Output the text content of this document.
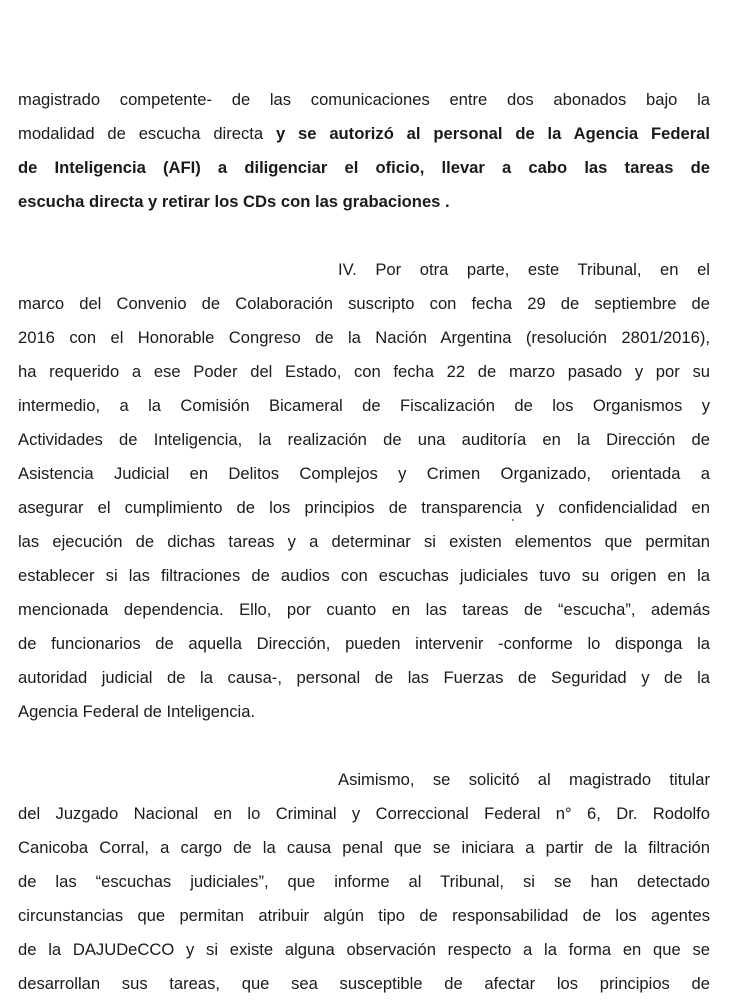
magistrado competente- de las comunicaciones entre dos abonados bajo la
modalidad de escucha directa y se autorizó al personal de la Agencia Federal
de Inteligencia (AFI) a diligenciar el oficio, llevar a cabo las tareas de
escucha directa y retirar los CDs con las grabaciones .
IV. Por otra parte, este Tribunal, en el
marco del Convenio de Colaboración suscripto con fecha 29 de septiembre de
2016 con el Honorable Congreso de la Nación Argentina (resolución 2801/2016),
ha requerido a ese Poder del Estado, con fecha 22 de marzo pasado y por su
intermedio, a la Comisión Bicameral de Fiscalización de los Organismos y
Actividades de Inteligencia, la realización de una auditoría en la Dirección de
Asistencia Judicial en Delitos Complejos y Crimen Organizado, orientada a
asegurar el cumplimiento de los principios de transparencia y confidencialidad en
las ejecución de dichas tareas y a determinar si existen elementos que permitan
establecer si las filtraciones de audios con escuchas judiciales tuvo su origen en la
mencionada dependencia. Ello, por cuanto en las tareas de “escucha”, además
de funcionarios de aquella Dirección, pueden intervenir -conforme lo disponga la
autoridad judicial de la causa-, personal de las Fuerzas de Seguridad y de la
Agencia Federal de Inteligencia.
Asimismo, se solicitó al magistrado titular
del Juzgado Nacional en lo Criminal y Correccional Federal n° 6, Dr. Rodolfo
Canicoba Corral, a cargo de la causa penal que se iniciara a partir de la filtración
de las “escuchas judiciales”, que informe al Tribunal, si se han detectado
circunstancias que permitan atribuir algún tipo de responsabilidad de los agentes
de la DAJUDeCCO y si existe alguna observación respecto a la forma en que se
desarrollan sus tareas, que sea susceptible de afectar los principios de
